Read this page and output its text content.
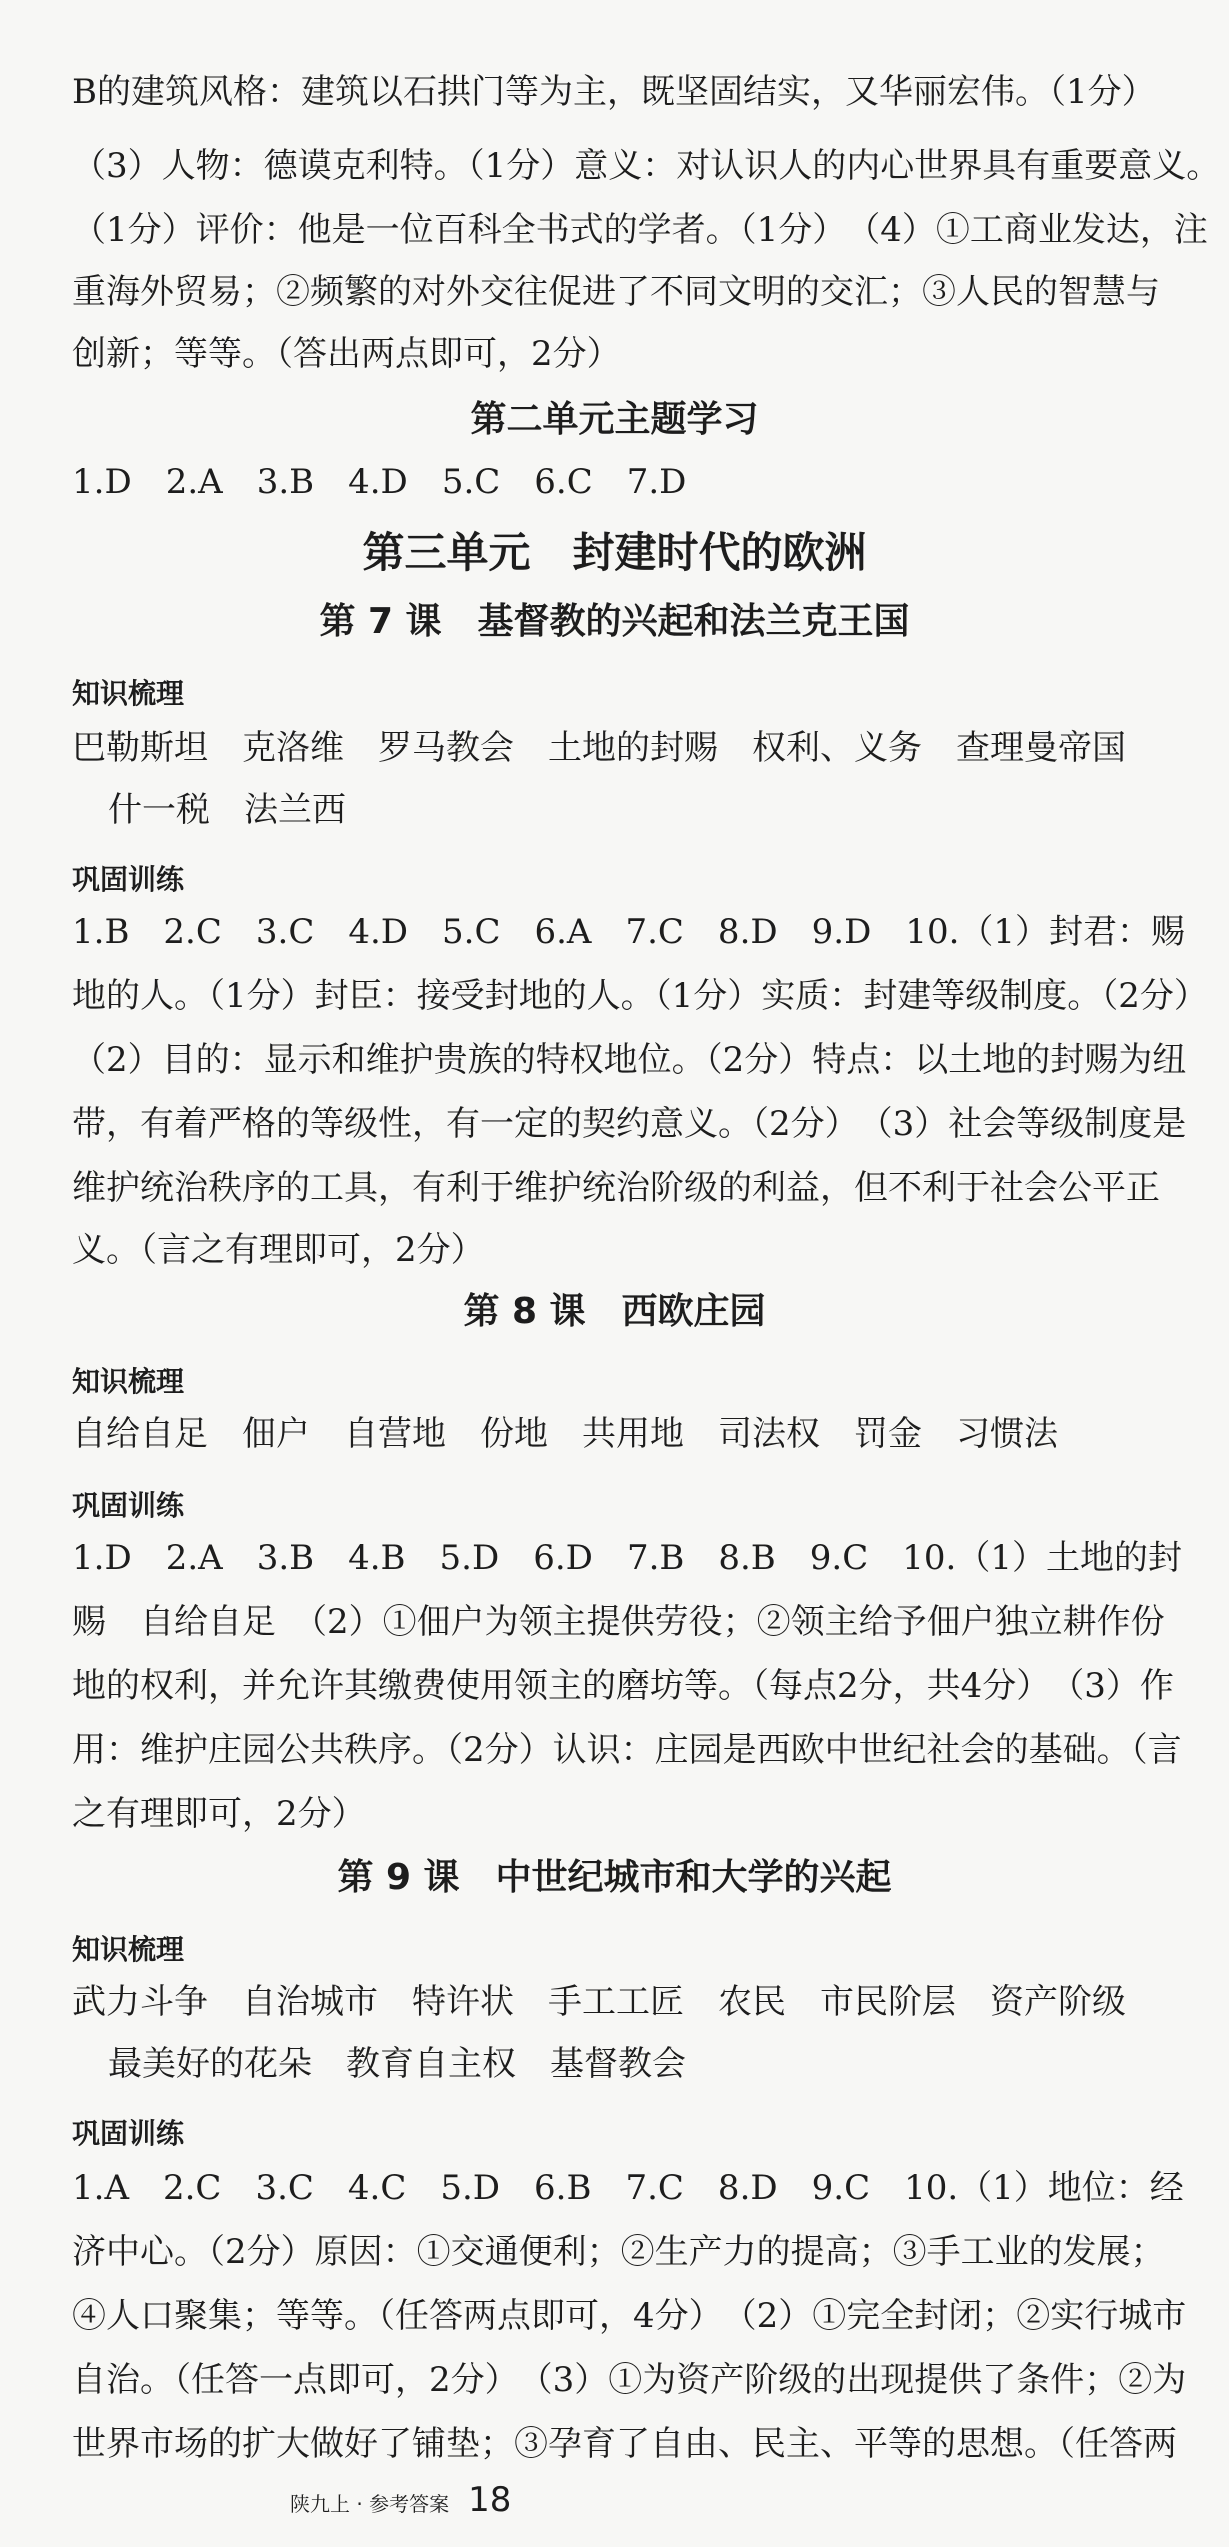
B的建筑风格：建筑以石拱门等为主，既坚固结实，又华丽宏伟。（1分）
（3）人物：德谟克利特。（1分）意义：对认识人的内心世界具有重要意义。
（1分）评价：他是一位百科全书式的学者。（1分）　（4）①工商业发达，注
重海外贸易；②频繁的对外交往促进了不同文明的交汇；③人民的智慧与
创新；等等。（答出两点即可，2分）
第二单元主题学习
1.D　2.A　3.B　4.D　5.C　6.C　7.D
第三单元　封建时代的欧洲
第 7 课　基督教的兴起和法兰克王国
知识梳理
巴勒斯坦　克洛维　罗马教会　土地的封赐　权利、义务　查理曼帝国
什一税　法兰西
巩固训练
1.B　2.C　3.C　4.D　5.C　6.A　7.C　8.D　9.D　10.（1）封君：赐
地的人。（1分）封臣：接受封地的人。（1分）实质：封建等级制度。（2分）
（2）目的：显示和维护贵族的特权地位。（2分）特点：以土地的封赐为纽
带，有着严格的等级性，有一定的契约意义。（2分）　（3）社会等级制度是
维护统治秩序的工具，有利于维护统治阶级的利益，但不利于社会公平正
义。（言之有理即可，2分）
第 8 课　西欧庄园
知识梳理
自给自足　佃户　自营地　份地　共用地　司法权　罚金　习惯法
巩固训练
1.D　2.A　3.B　4.B　5.D　6.D　7.B　8.B　9.C　10.（1）土地的封
赐　自给自足　（2）①佃户为领主提供劳役；②领主给予佃户独立耕作份
地的权利，并允许其缴费使用领主的磨坊等。（每点2分，共4分）　（3）作
用：维护庄园公共秩序。（2分）认识：庄园是西欧中世纪社会的基础。（言
之有理即可，2分）
第 9 课　中世纪城市和大学的兴起
知识梳理
武力斗争　自治城市　特许状　手工工匠　农民　市民阶层　资产阶级
最美好的花朵　教育自主权　基督教会
巩固训练
1.A　2.C　3.C　4.C　5.D　6.B　7.C　8.D　9.C　10.（1）地位：经
济中心。（2分）原因：①交通便利；②生产力的提高；③手工业的发展；
④人口聚集；等等。（任答两点即可，4分）　（2）①完全封闭；②实行城市
自治。（任答一点即可，2分）　（3）①为资产阶级的出现提供了条件；②为
世界市场的扩大做好了铺垫；③孕育了自由、民主、平等的思想。（任答两
陕九上 · 参考答案 18
